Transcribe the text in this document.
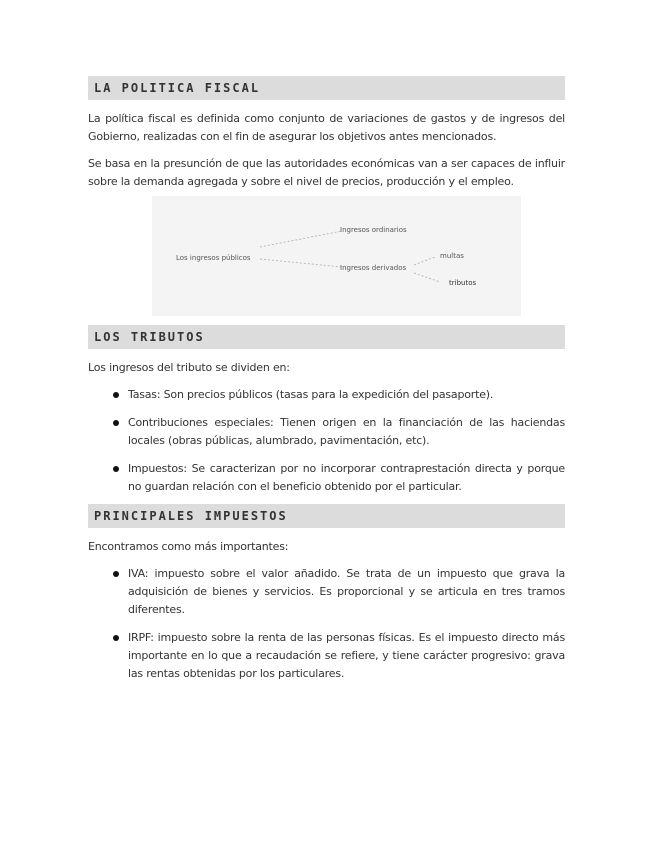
LA POLITICA FISCAL

La política fiscal es definida como conjunto de variaciones de gastos y de ingresos del Gobierno, realizadas con el fin de asegurar los objetivos antes mencionados.

Se basa en la presunción de que las autoridades económicas van a ser capaces de influir sobre la demanda agregada y sobre el nivel de precios, producción y el empleo.

Los ingresos públicos
Ingresos ordinarios
Ingresos derivados
multas
tributos
LOS TRIBUTOS

Los ingresos del tributo se dividen en:

Tasas: Son precios públicos (tasas para la expedición del pasaporte).
Contribuciones especiales: Tienen origen en la financiación de las haciendas locales (obras públicas, alumbrado, pavimentación, etc).
Impuestos: Se caracterizan por no incorporar contraprestación directa y porque no guardan relación con el beneficio obtenido por el particular.
PRINCIPALES IMPUESTOS

Encontramos como más importantes:

IVA: impuesto sobre el valor añadido. Se trata de un impuesto que grava la adquisición de bienes y servicios. Es proporcional y se articula en tres tramos diferentes.
IRPF: impuesto sobre la renta de las personas físicas. Es el impuesto directo más importante en lo que a recaudación se refiere, y tiene carácter progresivo: grava las rentas obtenidas por los particulares.
